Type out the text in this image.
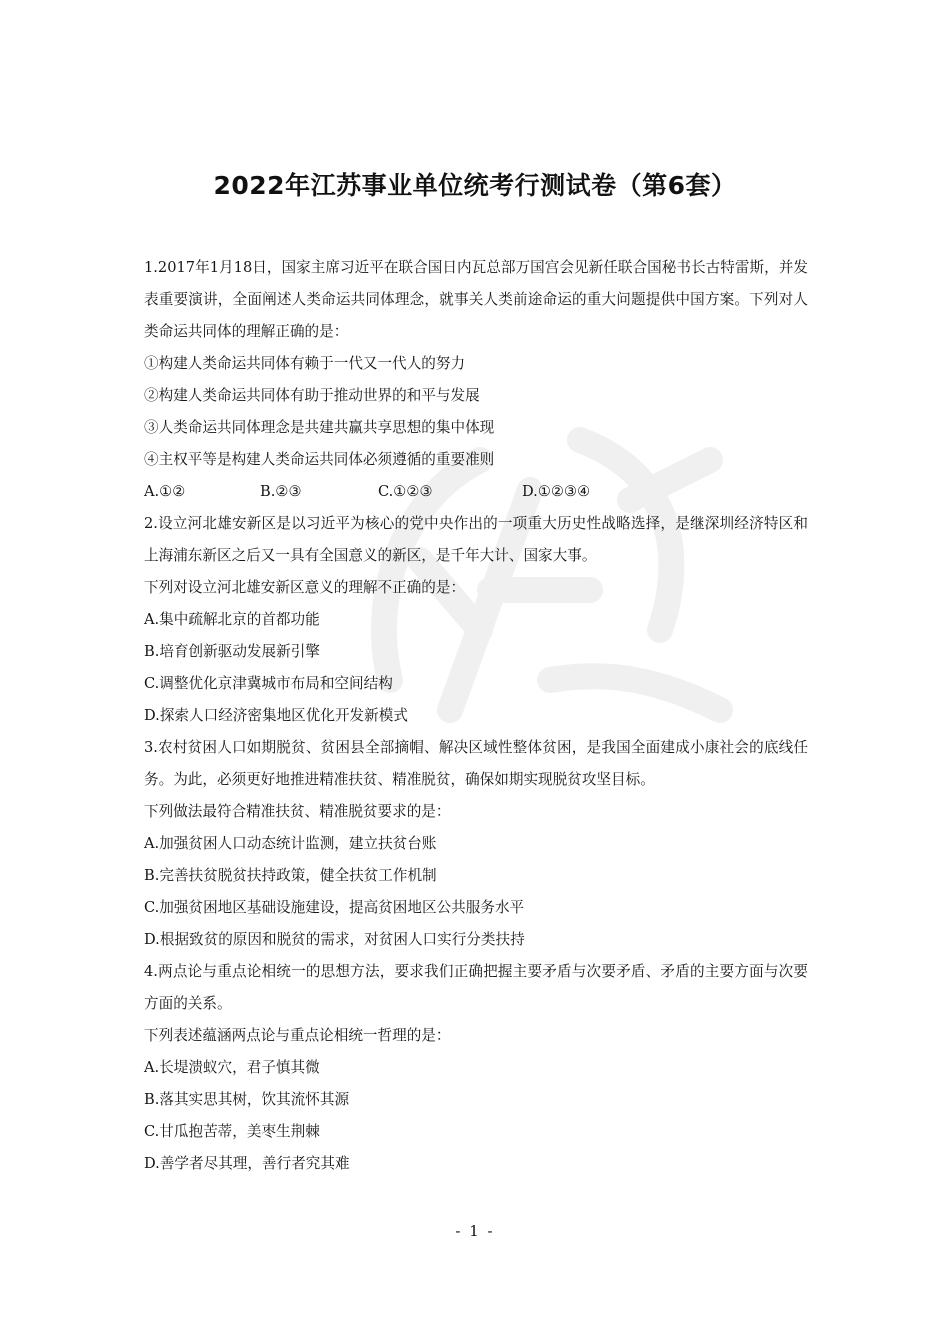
2022年江苏事业单位统考行测试卷（第6套）

1.2017年1月18日，国家主席习近平在联合国日内瓦总部万国宫会见新任联合国秘书长古特雷斯，并发表重要演讲，全面阐述人类命运共同体理念，就事关人类前途命运的重大问题提供中国方案。下列对人类命运共同体的理解正确的是：

①构建人类命运共同体有赖于一代又一代人的努力

②构建人类命运共同体有助于推动世界的和平与发展

③人类命运共同体理念是共建共赢共享思想的集中体现

④主权平等是构建人类命运共同体必须遵循的重要准则

A.①②	B.②③	C.①②③	D.①②③④

2.设立河北雄安新区是以习近平为核心的党中央作出的一项重大历史性战略选择，是继深圳经济特区和上海浦东新区之后又一具有全国意义的新区，是千年大计、国家大事。

下列对设立河北雄安新区意义的理解不正确的是：

A.集中疏解北京的首都功能

B.培育创新驱动发展新引擎

C.调整优化京津冀城市布局和空间结构

D.探索人口经济密集地区优化开发新模式

3.农村贫困人口如期脱贫、贫困县全部摘帽、解决区域性整体贫困，是我国全面建成小康社会的底线任务。为此，必须更好地推进精准扶贫、精准脱贫，确保如期实现脱贫攻坚目标。

下列做法最符合精准扶贫、精准脱贫要求的是：

A.加强贫困人口动态统计监测，建立扶贫台账

B.完善扶贫脱贫扶持政策，健全扶贫工作机制

C.加强贫困地区基础设施建设，提高贫困地区公共服务水平

D.根据致贫的原因和脱贫的需求，对贫困人口实行分类扶持

4.两点论与重点论相统一的思想方法，要求我们正确把握主要矛盾与次要矛盾、矛盾的主要方面与次要方面的关系。

下列表述蕴涵两点论与重点论相统一哲理的是：

A.长堤溃蚁穴，君子慎其微

B.落其实思其树，饮其流怀其源

C.甘瓜抱苦蒂，美枣生荆棘

D.善学者尽其理，善行者究其难

- 1 -
